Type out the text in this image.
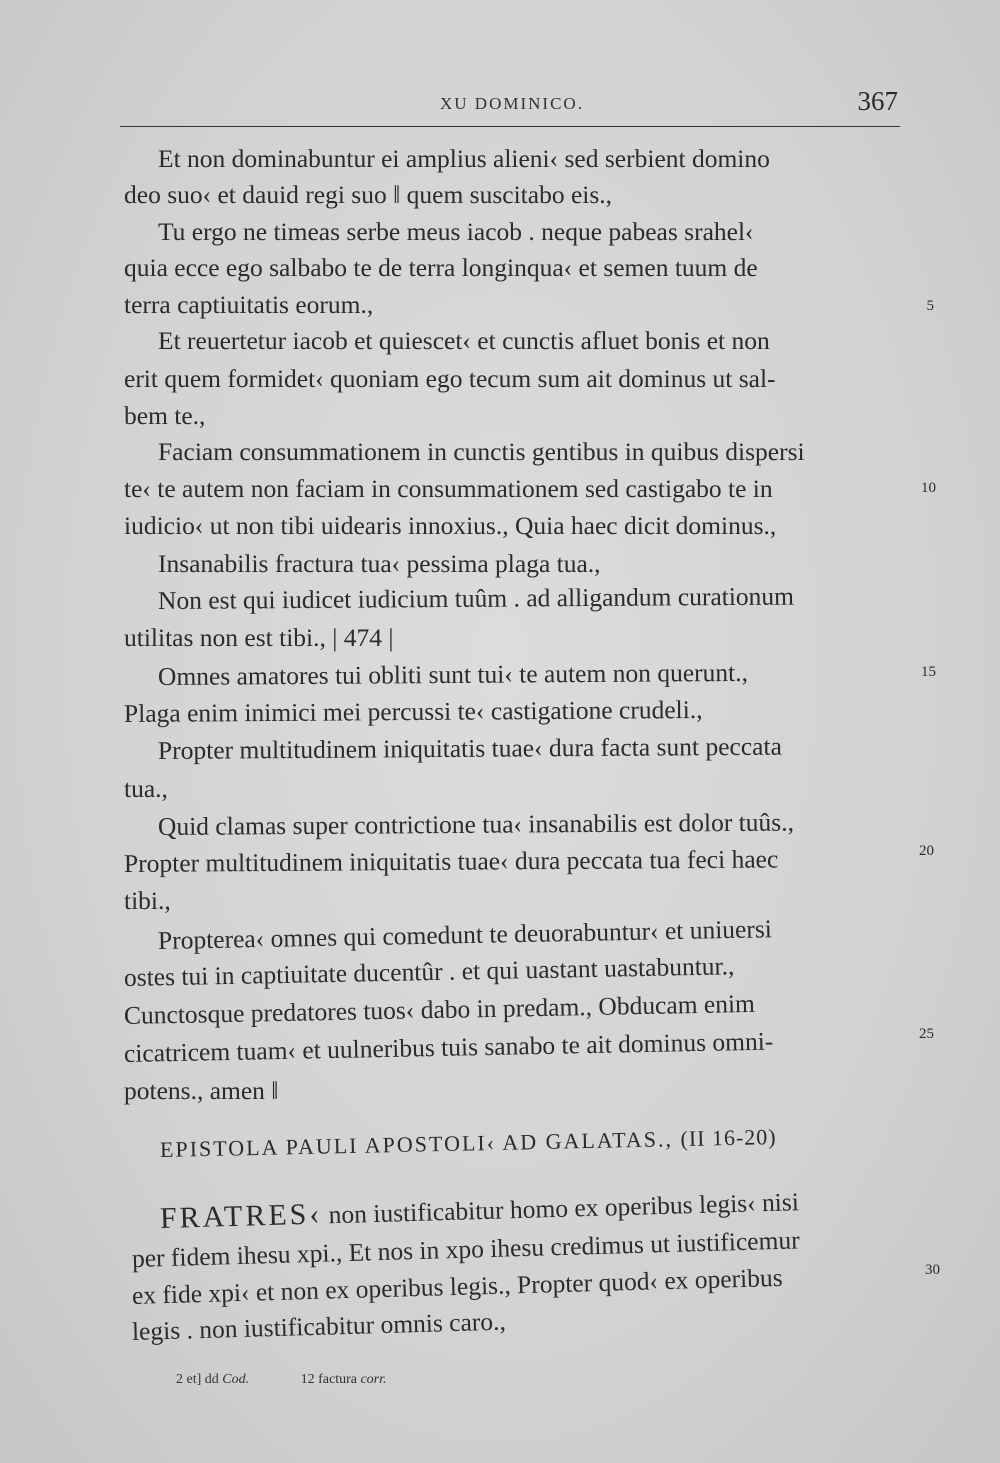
XU DOMINICO.	367
Et non dominabuntur ei amplius alieni‹ sed serbient domino
deo suo‹ et dauid regi suo ‖ quem suscitabo eis.,
Tu ergo ne timeas serbe meus iacob . neque pabeas srahel‹
quia ecce ego salbabo te de terra longinqua‹ et semen tuum de
terra captiuitatis eorum.,
Et reuertetur iacob et quiescet‹ et cunctis afluet bonis et non
erit quem formidet‹ quoniam ego tecum sum ait dominus ut sal-
bem te.,
Faciam consummationem in cunctis gentibus in quibus dispersi
te‹ te autem non faciam in consummationem sed castigabo te in
iudicio‹ ut non tibi uidearis innoxius., Quia haec dicit dominus.,
Insanabilis fractura tua‹ pessima plaga tua.,
Non est qui iudicet iudicium tuûm . ad alligandum curationum
utilitas non est tibi., | 474 |
Omnes amatores tui obliti sunt tui‹ te autem non querunt.,
Plaga enim inimici mei percussi te‹ castigatione crudeli.,
Propter multitudinem iniquitatis tuae‹ dura facta sunt peccata
tua.,
Quid clamas super contrictione tua‹ insanabilis est dolor tuûs.,
Propter multitudinem iniquitatis tuae‹ dura peccata tua feci haec
tibi.,
Propterea‹ omnes qui comedunt te deuorabuntur‹ et uniuersi
ostes tui in captiuitate ducentûr . et qui uastant uastabuntur.,
Cunctosque predatores tuos‹ dabo in predam., Obducam enim
cicatricem tuam‹ et uulneribus tuis sanabo te ait dominus omni-
potens., amen ‖
5
10
15
20
25
EPISTOLA PAULI APOSTOLI‹ AD GALATAS., (II 16-20)
FRATRES‹ non iustificabitur homo ex operibus legis‹ nisi
per fidem ihesu xpi., Et nos in xpo ihesu credimus ut iustificemur
ex fide xpi‹ et non ex operibus legis., Propter quod‹ ex operibus
legis . non iustificabitur omnis caro.,
30
2 et] dd Cod.	12 factura corr.
